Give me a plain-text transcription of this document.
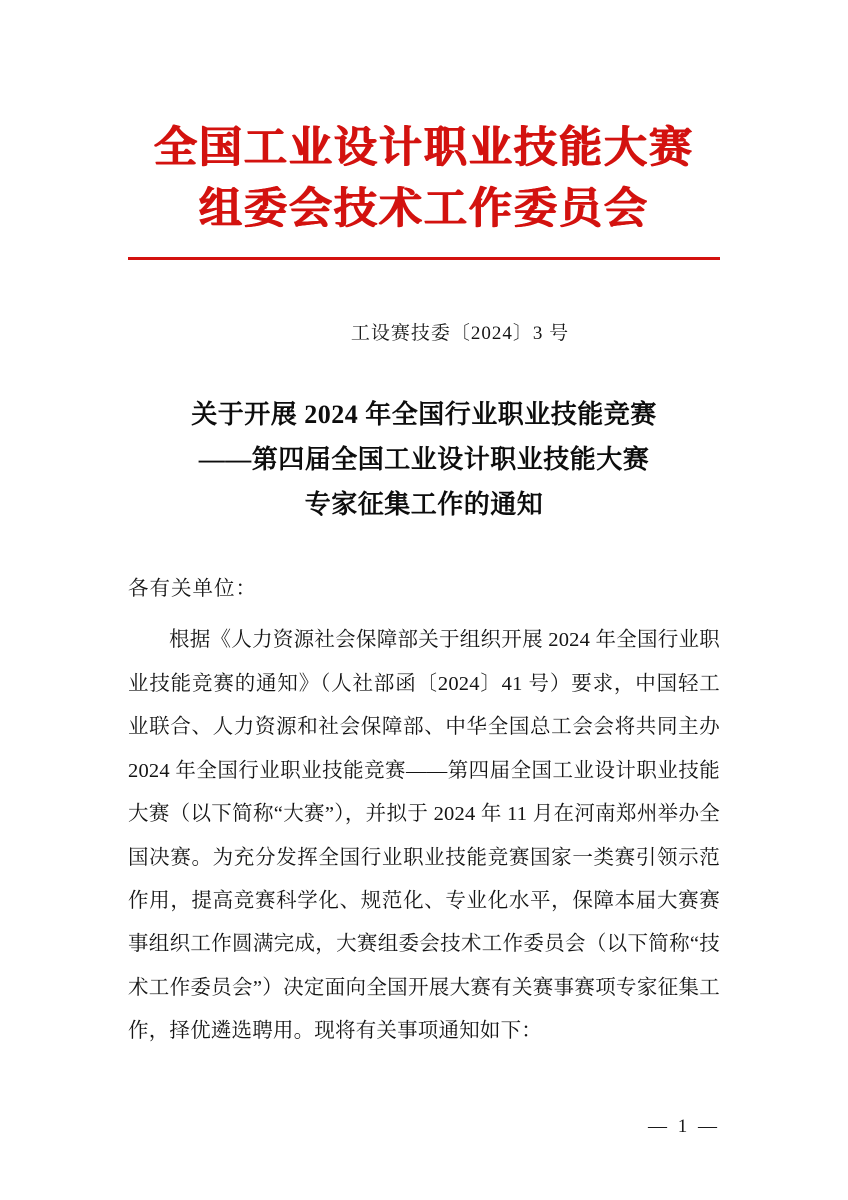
全国工业设计职业技能大赛
组委会技术工作委员会
工设赛技委〔2024〕3 号
关于开展 2024 年全国行业职业技能竞赛
——第四届全国工业设计职业技能大赛
专家征集工作的通知
各有关单位：
根据《人力资源社会保障部关于组织开展 2024 年全国行业职业技能竞赛的通知》（人社部函〔2024〕41 号）要求，中国轻工业联合、人力资源和社会保障部、中华全国总工会会将共同主办 2024 年全国行业职业技能竞赛——第四届全国工业设计职业技能大赛（以下简称“大赛”），并拟于 2024 年 11 月在河南郑州举办全国决赛。为充分发挥全国行业职业技能竞赛国家一类赛引领示范作用，提高竞赛科学化、规范化、专业化水平，保障本届大赛赛事组织工作圆满完成，大赛组委会技术工作委员会（以下简称“技术工作委员会”）决定面向全国开展大赛有关赛事赛项专家征集工作，择优遴选聘用。现将有关事项通知如下：
— 1 —
